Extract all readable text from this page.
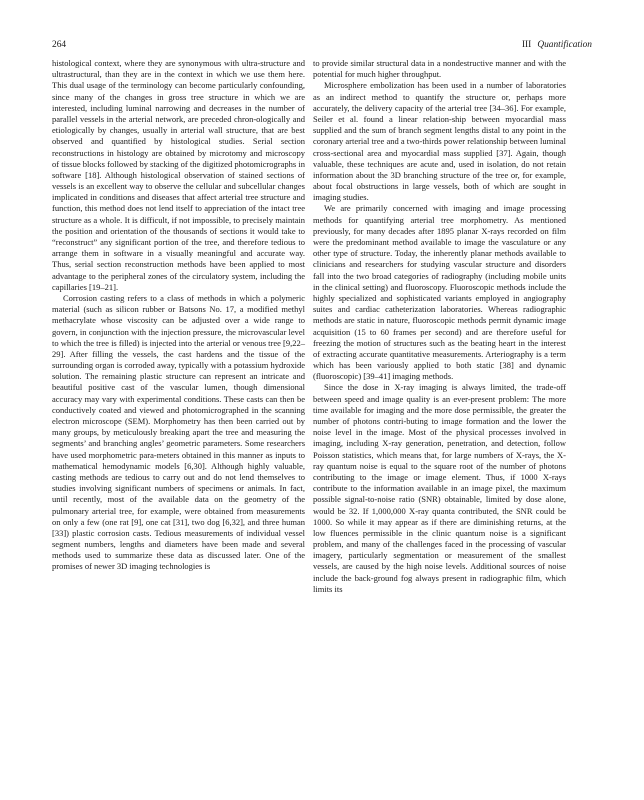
264	III Quantification

histological context, where they are synonymous with ultra-structure and ultrastructural, than they are in the context in which we use them here. This dual usage of the terminology can become particularly confounding, since many of the changes in gross tree structure in which we are interested, including luminal narrowing and decreases in the number of parallel vessels in the arterial network, are preceded chron-ologically and etiologically by changes, usually in arterial wall structure, that are best observed and quantified by histological studies. Serial section reconstructions in histology are obtained by microtomy and microscopy of tissue blocks followed by stacking of the digitized photomicrographs in software [18]. Although histological observation of stained sections of vessels is an excellent way to observe the cellular and subcellular changes implicated in conditions and diseases that affect arterial tree structure and function, this method does not lend itself to appreciation of the intact tree structure as a whole. It is difficult, if not impossible, to precisely maintain the position and orientation of the thousands of sections it would take to “reconstruct” any significant portion of the tree, and therefore tedious to arrange them in software in a visually meaningful and accurate way. Thus, serial section reconstruction methods have been applied to most advantage to the peripheral zones of the circulatory system, including the capillaries [19–21].

Corrosion casting refers to a class of methods in which a polymeric material (such as silicon rubber or Batsons No. 17, a modified methyl methacrylate whose viscosity can be adjusted over a wide range to govern, in conjunction with the injection pressure, the microvascular level to which the tree is filled) is injected into the arterial or venous tree [9,22–29]. After filling the vessels, the cast hardens and the tissue of the surrounding organ is corroded away, typically with a potassium hydroxide solution. The remaining plastic structure can represent an intricate and beautiful positive cast of the vascular lumen, though dimensional accuracy may vary with experimental conditions. These casts can then be conductively coated and viewed and photomicrographed in the scanning electron microscope (SEM). Morphometry has then been carried out by many groups, by meticulously breaking apart the tree and measuring the segments’ and branching angles’ geometric parameters. Some researchers have used morphometric para-meters obtained in this manner as inputs to mathematical hemodynamic models [6,30]. Although highly valuable, casting methods are tedious to carry out and do not lend themselves to studies involving significant numbers of specimens or animals. In fact, until recently, most of the available data on the geometry of the pulmonary arterial tree, for example, were obtained from measurements on only a few (one rat [9], one cat [31], two dog [6,32], and three human [33]) plastic corrosion casts. Tedious measurements of individual vessel segment numbers, lengths and diameters have been made and several methods used to summarize these data as discussed later. One of the promises of newer 3D imaging technologies is

to provide similar structural data in a nondestructive manner and with the potential for much higher throughput.

Microsphere embolization has been used in a number of laboratories as an indirect method to quantify the structure or, perhaps more accurately, the delivery capacity of the arterial tree [34–36]. For example, Seiler et al. found a linear relation-ship between myocardial mass supplied and the sum of branch segment lengths distal to any point in the coronary arterial tree and a two-thirds power relationship between luminal cross-sectional area and myocardial mass supplied [37]. Again, though valuable, these techniques are acute and, used in isolation, do not retain information about the 3D branching structure of the tree or, for example, about focal obstructions in large vessels, both of which are sought in imaging studies.

We are primarily concerned with imaging and image processing methods for quantifying arterial tree morphometry. As mentioned previously, for many decades after 1895 planar X-rays recorded on film were the predominant method available to image the vasculature or any other type of structure. Today, the inherently planar methods available to clinicians and researchers for studying vascular structure and disorders fall into the two broad categories of radiography (including mobile units in the clinical setting) and fluoroscopy. Fluoroscopic methods include the highly specialized and sophisticated variants employed in angiography suites and cardiac catheterization laboratories. Whereas radiographic methods are static in nature, fluoroscopic methods permit dynamic image acquisition (15 to 60 frames per second) and are therefore useful for freezing the motion of structures such as the beating heart in the interest of extracting accurate quantitative measurements. Arteriography is a term which has been variously applied to both static [38] and dynamic (fluoroscopic) [39–41] imaging methods.

Since the dose in X-ray imaging is always limited, the trade-off between speed and image quality is an ever-present problem: The more time available for imaging and the more dose permissible, the greater the number of photons contri-buting to image formation and the lower the noise level in the image. Most of the physical processes involved in imaging, including X-ray generation, penetration, and detection, follow Poisson statistics, which means that, for large numbers of X-rays, the X-ray quantum noise is equal to the square root of the number of photons contributing to the image or image element. Thus, if 1000 X-rays contribute to the information available in an image pixel, the maximum possible signal-to-noise ratio (SNR) obtainable, limited by dose alone, would be 32. If 1,000,000 X-ray quanta contributed, the SNR could be 1000. So while it may appear as if there are diminishing returns, at the low fluences permissible in the clinic quantum noise is a significant problem, and many of the challenges faced in the processing of vascular imagery, particularly segmentation or measurement of the smallest vessels, are caused by the high noise levels. Additional sources of noise include the back-ground fog always present in radiographic film, which limits its
